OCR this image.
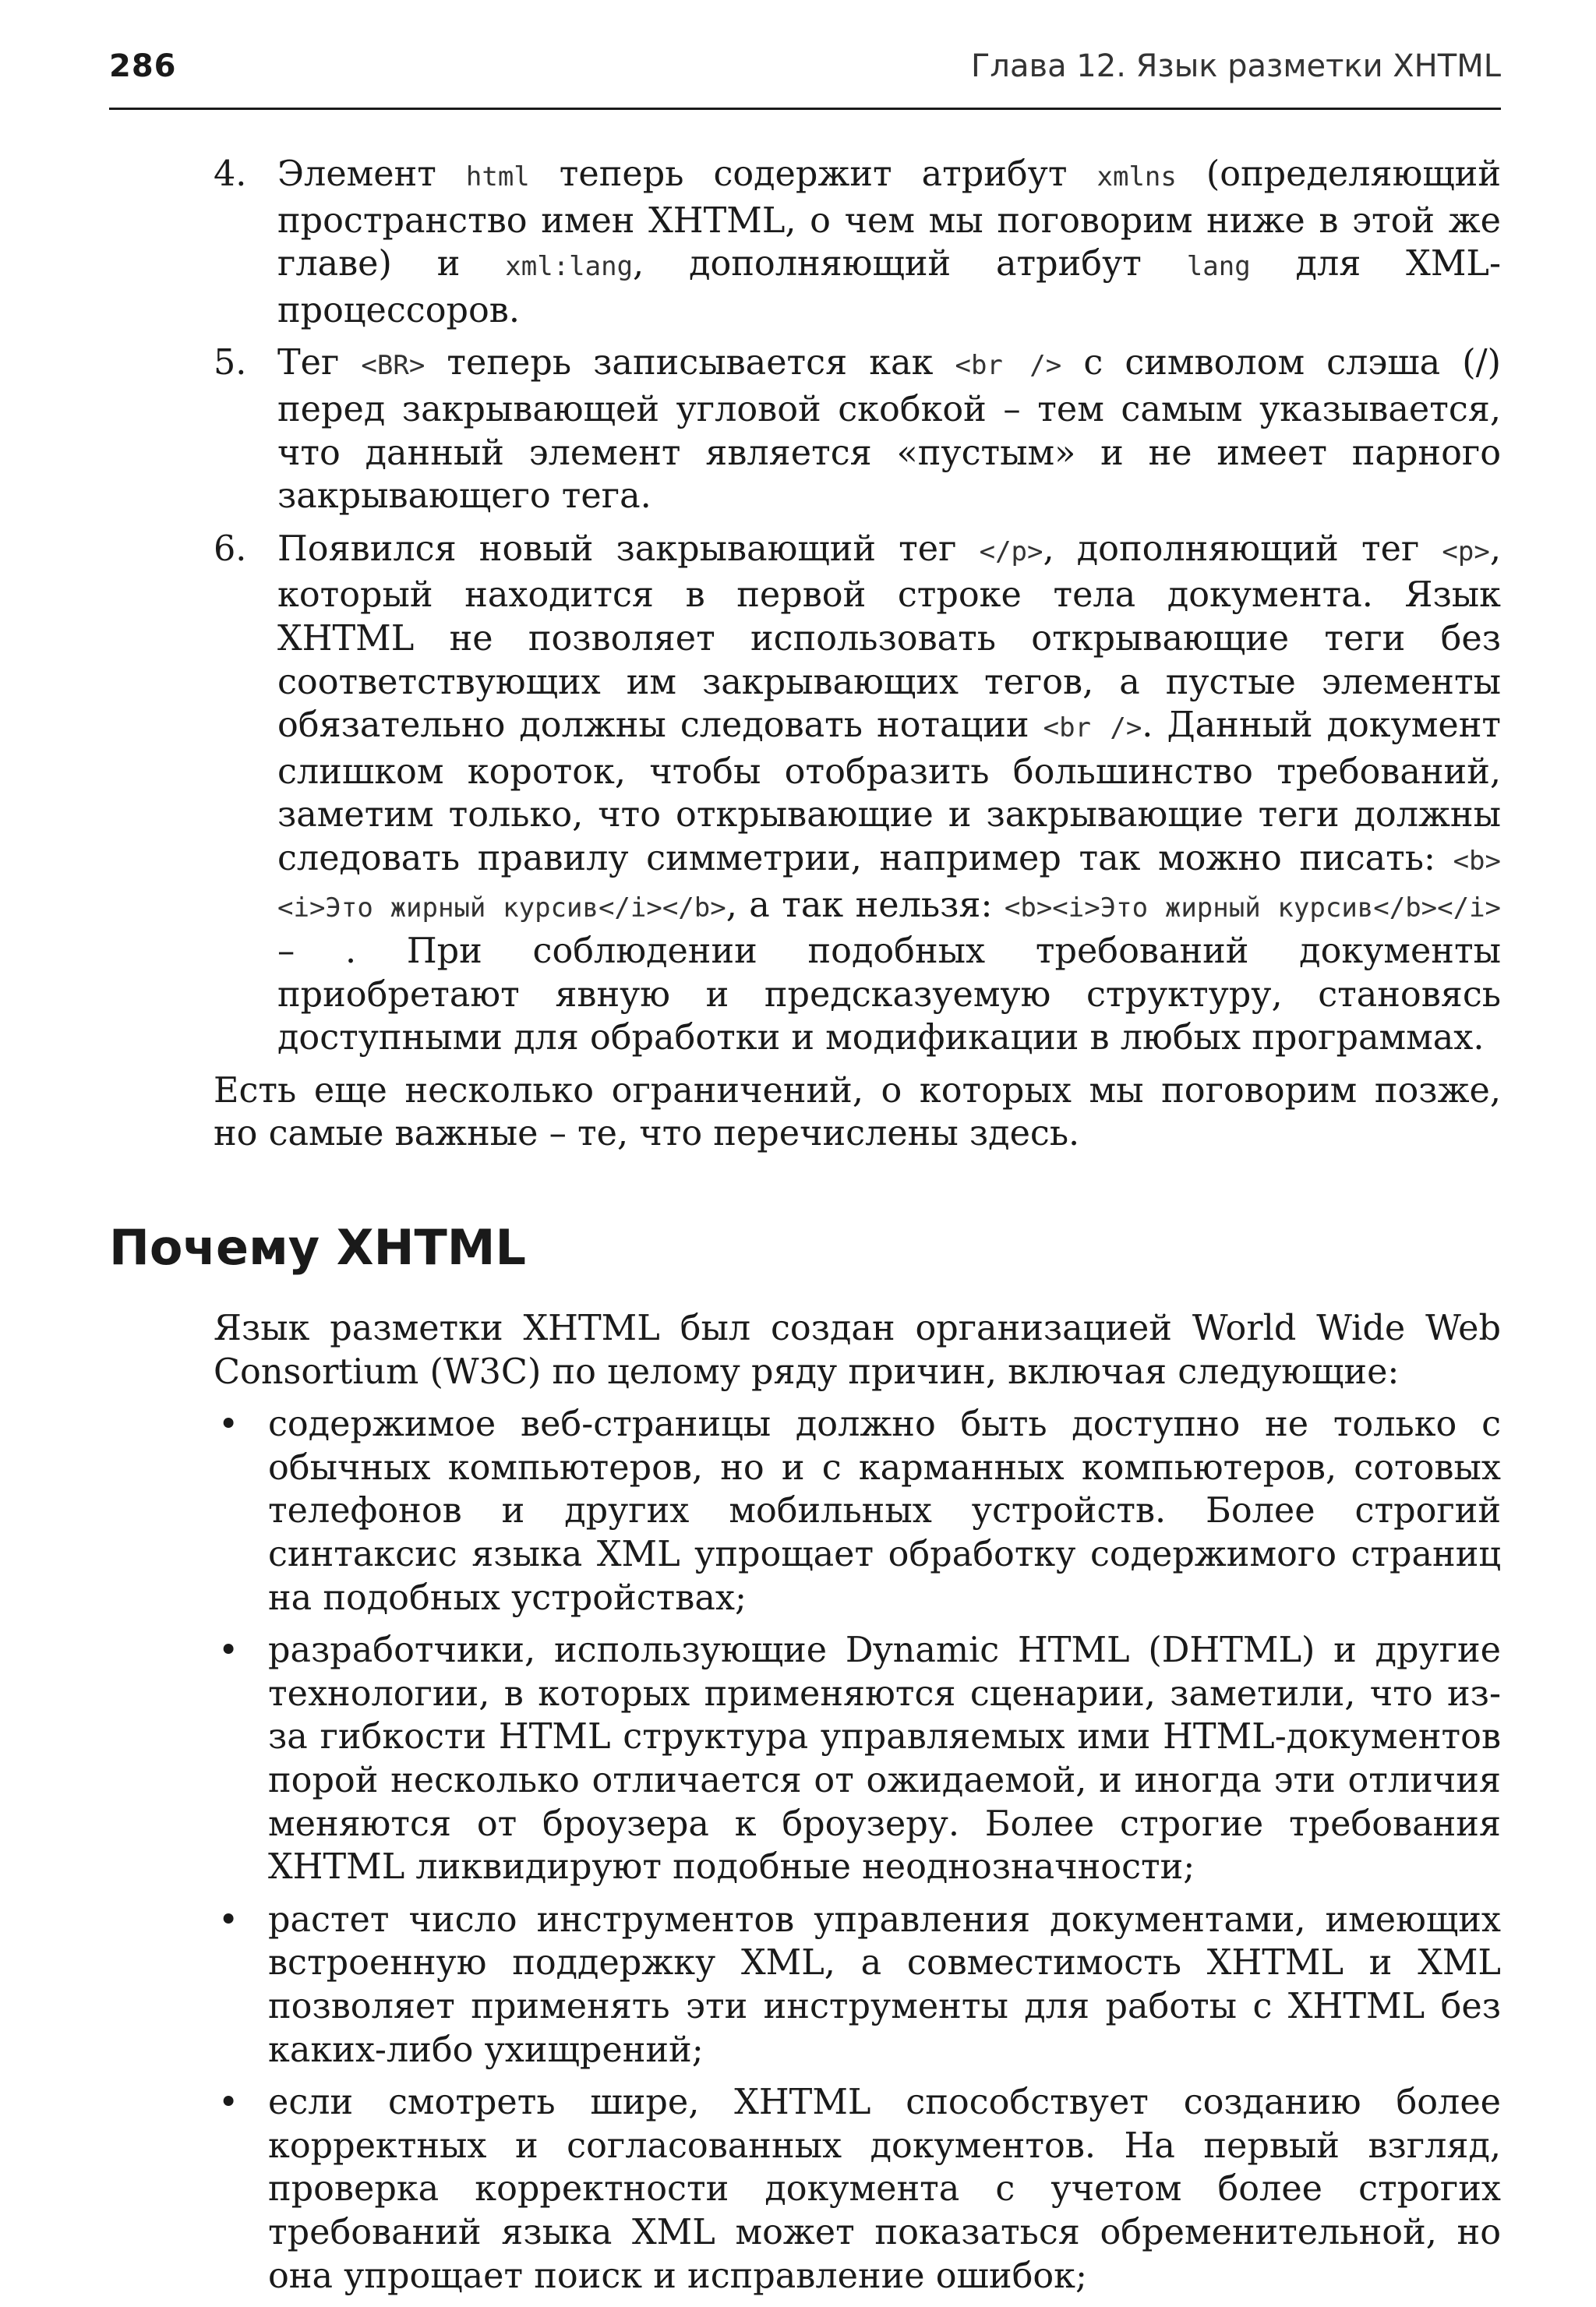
286	Глава 12. Язык разметки XHTML
4. Элемент html теперь содержит атрибут xmlns (определяющий пространство имен XHTML, о чем мы поговорим ниже в этой же главе) и xml:lang, дополняющий атрибут lang для XML-процессоров.
5. Тег <BR> теперь записывается как <br /> с символом слэша (/) перед закрывающей угловой скобкой – тем самым указывается, что данный элемент является «пустым» и не имеет парного закрывающего тега.
6. Появился новый закрывающий тег </p>, дополняющий тег <p>, который находится в первой строке тела документа. Язык XHTML не позволяет использовать открывающие теги без соответствующих им закрывающих тегов, а пустые элементы обязательно должны следовать нотации <br />. Данный документ слишком короток, чтобы отобразить большинство требований, заметим только, что открывающие и закрывающие теги должны следовать правилу симметрии, например так можно писать: <b><i>Это жирный курсив</i></b>, а так нельзя: <b><i>Это жирный курсив</b></i> – . При соблюдении подобных требований документы приобретают явную и предсказуемую структуру, становясь доступными для обработки и модификации в любых программах.

Есть еще несколько ограничений, о которых мы поговорим позже, но самые важные – те, что перечислены здесь.

Почему XHTML

Язык разметки XHTML был создан организацией World Wide Web Consortium (W3C) по целому ряду причин, включая следующие:

• содержимое веб-страницы должно быть доступно не только с обычных компьютеров, но и с карманных компьютеров, сотовых телефонов и других мобильных устройств. Более строгий синтаксис языка XML упрощает обработку содержимого страниц на подобных устройствах;
• разработчики, использующие Dynamic HTML (DHTML) и другие технологии, в которых применяются сценарии, заметили, что из-за гибкости HTML структура управляемых ими HTML-документов порой несколько отличается от ожидаемой, и иногда эти отличия меняются от броузера к броузеру. Более строгие требования XHTML ликвидируют подобные неоднозначности;
• растет число инструментов управления документами, имеющих встроенную поддержку XML, а совместимость XHTML и XML позволяет применять эти инструменты для работы с XHTML без каких-либо ухищрений;
• если смотреть шире, XHTML способствует созданию более корректных и согласованных документов. На первый взгляд, проверка корректности документа с учетом более строгих требований языка XML может показаться обременительной, но она упрощает поиск и исправление ошибок;
